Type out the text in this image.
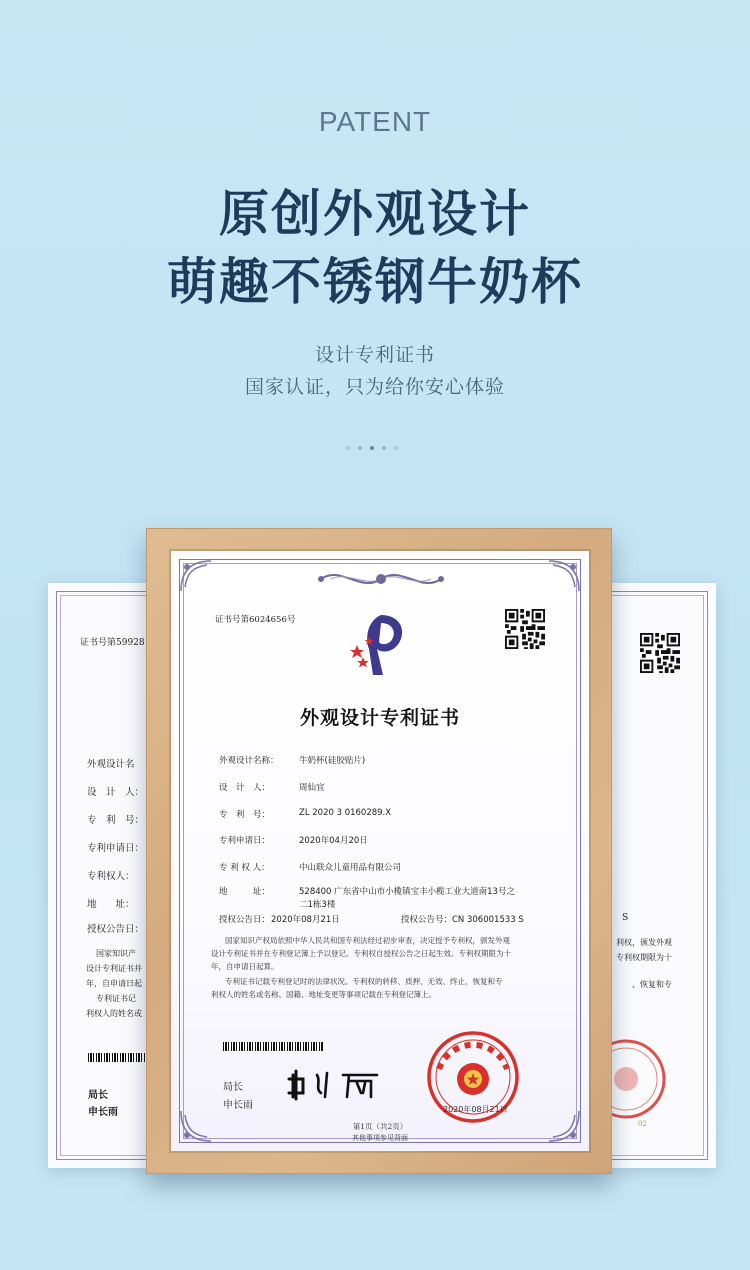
PATENT
原创外观设计
萌趣不锈钢牛奶杯
设计专利证书
国家认证，只为给你安心体验
证书号第59928
外观设计名
设　计　人：
专　利　号：
专利申请日：
专利权人：
地　　址：
授权公告日：
国家知识产
设计专利证书并
年，自申请日起
专利证书记
利权人的姓名或
局长
申长雨
S
利权，颁发外观
专利权期限为十
、恢复和专
02
证书号第6024656号
外观设计专利证书
外观设计名称： 牛奶杯(硅胶贴片)
设　计　人：	周仙宜
专　利　号：	ZL 2020 3 0160289.X
专利申请日：	2020年04月20日
专 利 权 人：	中山联众儿童用品有限公司
地　　　址：	528400 广东省中山市小榄镇宝丰小榄工业大道南13号之
二1栋3楼
授权公告日： 2020年08月21日	授权公告号：CN 306001533 S
国家知识产权局依照中华人民共和国专利法经过初步审查，决定授予专利权，颁发外观
设计专利证书并在专利登记簿上予以登记。专利权自授权公告之日起生效。专利权期限为十
年，自申请日起算。
专利证书记载专利登记时的法律状况。专利权的转移、质押、无效、终止、恢复和专
利权人的姓名或名称、国籍、地址变更等事项记载在专利登记簿上。
局长
申长雨	2020年08月21日
第1页（共2页）
其他事项参见背面
